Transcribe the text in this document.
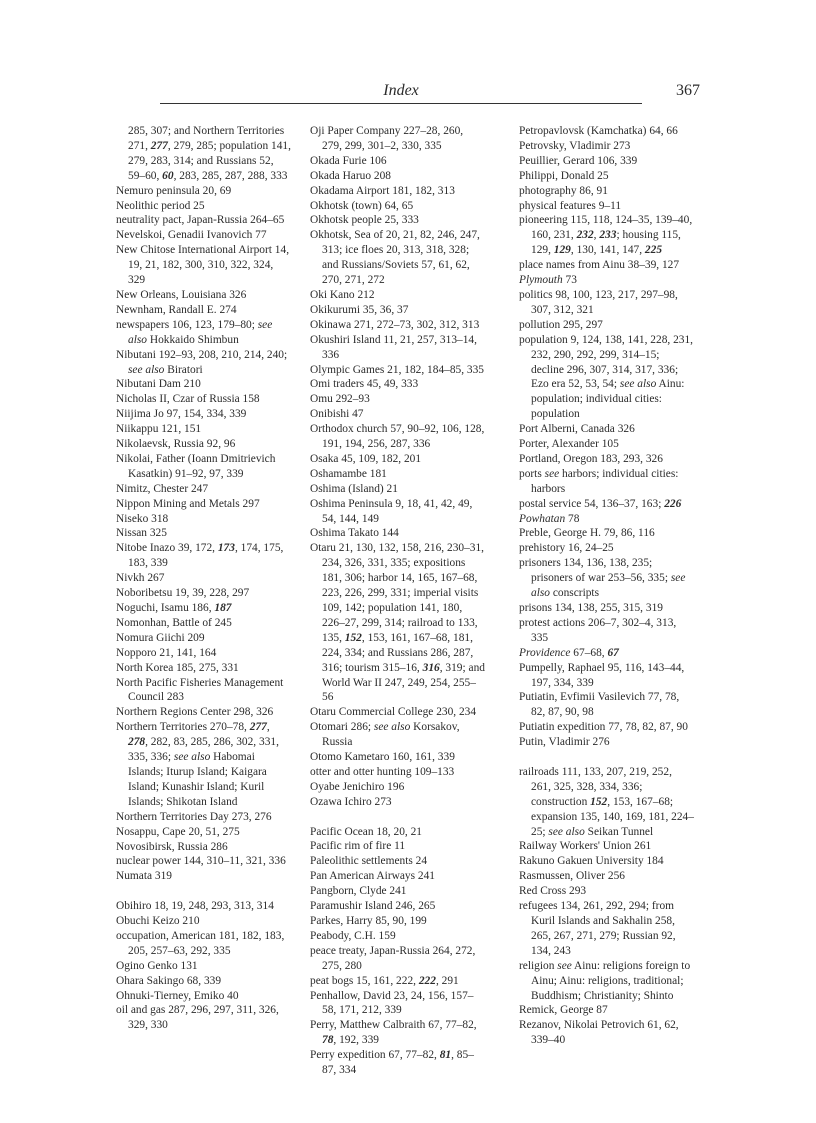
Index	367
285, 307; and Northern Territories 271, 277, 279, 285; population 141, 279, 283, 314; and Russians 52, 59–60, 60, 283, 285, 287, 288, 333
Nemuro peninsula 20, 69
Neolithic period 25
neutrality pact, Japan-Russia 264–65
Nevelskoi, Genadii Ivanovich 77
New Chitose International Airport 14, 19, 21, 182, 300, 310, 322, 324, 329
New Orleans, Louisiana 326
Newnham, Randall E. 274
newspapers 106, 123, 179–80; see also Hokkaido Shimbun
Nibutani 192–93, 208, 210, 214, 240; see also Biratori
Nibutani Dam 210
Nicholas II, Czar of Russia 158
Niijima Jo 97, 154, 334, 339
Niikappu 121, 151
Nikolaevsk, Russia 92, 96
Nikolai, Father (Ioann Dmitrievich Kasatkin) 91–92, 97, 339
Nimitz, Chester 247
Nippon Mining and Metals 297
Niseko 318
Nissan 325
Nitobe Inazo 39, 172, 173, 174, 175, 183, 339
Nivkh 267
Noboribetsu 19, 39, 228, 297
Noguchi, Isamu 186, 187
Nomonhan, Battle of 245
Nomura Giichi 209
Nopporo 21, 141, 164
North Korea 185, 275, 331
North Pacific Fisheries Management Council 283
Northern Regions Center 298, 326
Northern Territories 270–78, 277, 278, 282, 83, 285, 286, 302, 331, 335, 336; see also Habomai Islands; Iturup Island; Kaigara Island; Kunashir Island; Kuril Islands; Shikotan Island
Northern Territories Day 273, 276
Nosappu, Cape 20, 51, 275
Novosibirsk, Russia 286
nuclear power 144, 310–11, 321, 336
Numata 319
Obihiro 18, 19, 248, 293, 313, 314
Obuchi Keizo 210
occupation, American 181, 182, 183, 205, 257–63, 292, 335
Ogino Genko 131
Ohara Sakingo 68, 339
Ohnuki-Tierney, Emiko 40
oil and gas 287, 296, 297, 311, 326, 329, 330
Oji Paper Company 227–28, 260, 279, 299, 301–2, 330, 335
Okada Furie 106
Okada Haruo 208
Okadama Airport 181, 182, 313
Okhotsk (town) 64, 65
Okhotsk people 25, 333
Okhotsk, Sea of 20, 21, 82, 246, 247, 313; ice floes 20, 313, 318, 328; and Russians/Soviets 57, 61, 62, 270, 271, 272
Oki Kano 212
Okikurumi 35, 36, 37
Okinawa 271, 272–73, 302, 312, 313
Okushiri Island 11, 21, 257, 313–14, 336
Olympic Games 21, 182, 184–85, 335
Omi traders 45, 49, 333
Omu 292–93
Onibishi 47
Orthodox church 57, 90–92, 106, 128, 191, 194, 256, 287, 336
Osaka 45, 109, 182, 201
Oshamambe 181
Oshima (Island) 21
Oshima Peninsula 9, 18, 41, 42, 49, 54, 144, 149
Oshima Takato 144
Otaru 21, 130, 132, 158, 216, 230–31, 234, 326, 331, 335; expositions 181, 306; harbor 14, 165, 167–68, 223, 226, 299, 331; imperial visits 109, 142; population 141, 180, 226–27, 299, 314; railroad to 133, 135, 152, 153, 161, 167–68, 181, 224, 334; and Russians 286, 287, 316; tourism 315–16, 316, 319; and World War II 247, 249, 254, 255–56
Otaru Commercial College 230, 234
Otomari 286; see also Korsakov, Russia
Otomo Kametaro 160, 161, 339
otter and otter hunting 109–133
Oyabe Jenichiro 196
Ozawa Ichiro 273
Pacific Ocean 18, 20, 21
Pacific rim of fire 11
Paleolithic settlements 24
Pan American Airways 241
Pangborn, Clyde 241
Paramushir Island 246, 265
Parkes, Harry 85, 90, 199
Peabody, C.H. 159
peace treaty, Japan-Russia 264, 272, 275, 280
peat bogs 15, 161, 222, 222, 291
Penhallow, David 23, 24, 156, 157–58, 171, 212, 339
Perry, Matthew Calbraith 67, 77–82, 78, 192, 339
Perry expedition 67, 77–82, 81, 85–87, 334
Petropavlovsk (Kamchatka) 64, 66
Petrovsky, Vladimir 273
Peuillier, Gerard 106, 339
Philippi, Donald 25
photography 86, 91
physical features 9–11
pioneering 115, 118, 124–35, 139–40, 160, 231, 232, 233; housing 115, 129, 129, 130, 141, 147, 225
place names from Ainu 38–39, 127
Plymouth 73
politics 98, 100, 123, 217, 297–98, 307, 312, 321
pollution 295, 297
population 9, 124, 138, 141, 228, 231, 232, 290, 292, 299, 314–15; decline 296, 307, 314, 317, 336; Ezo era 52, 53, 54; see also Ainu: population; individual cities: population
Port Alberni, Canada 326
Porter, Alexander 105
Portland, Oregon 183, 293, 326
ports see harbors; individual cities: harbors
postal service 54, 136–37, 163; 226
Powhatan 78
Preble, George H. 79, 86, 116
prehistory 16, 24–25
prisoners 134, 136, 138, 235; prisoners of war 253–56, 335; see also conscripts
prisons 134, 138, 255, 315, 319
protest actions 206–7, 302–4, 313, 335
Providence 67–68, 67
Pumpelly, Raphael 95, 116, 143–44, 197, 334, 339
Putiatin, Evfimii Vasilevich 77, 78, 82, 87, 90, 98
Putiatin expedition 77, 78, 82, 87, 90
Putin, Vladimir 276
railroads 111, 133, 207, 219, 252, 261, 325, 328, 334, 336; construction 152, 153, 167–68; expansion 135, 140, 169, 181, 224–25; see also Seikan Tunnel
Railway Workers' Union 261
Rakuno Gakuen University 184
Rasmussen, Oliver 256
Red Cross 293
refugees 134, 261, 292, 294; from Kuril Islands and Sakhalin 258, 265, 267, 271, 279; Russian 92, 134, 243
religion see Ainu: religions foreign to Ainu; Ainu: religions, traditional; Buddhism; Christianity; Shinto
Remick, George 87
Rezanov, Nikolai Petrovich 61, 62, 339–40
